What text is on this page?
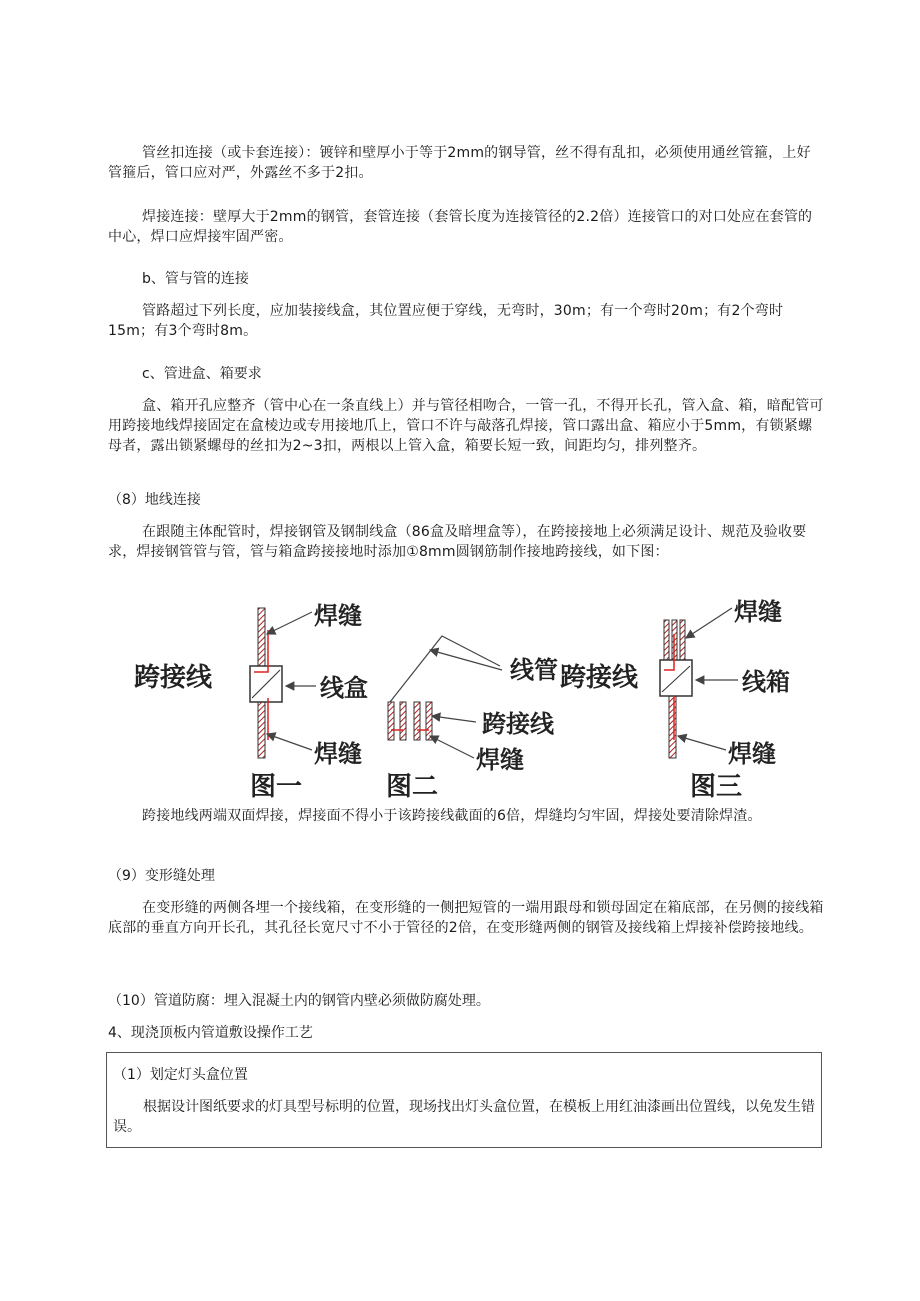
管丝扣连接（或卡套连接）：镀锌和壁厚小于等于2mm的钢导管，丝不得有乱扣，必须使用通丝管箍，上好管箍后，管口应对严，外露丝不多于2扣。

焊接连接：壁厚大于2mm的钢管，套管连接（套管长度为连接管径的2.2倍）连接管口的对口处应在套管的中心，焊口应焊接牢固严密。

b、管与管的连接

管路超过下列长度，应加装接线盒，其位置应便于穿线，无弯时，30m；有一个弯时20m；有2个弯时15m；有3个弯时8m。

c、管进盒、箱要求

盒、箱开孔应整齐（管中心在一条直线上）并与管径相吻合，一管一孔，不得开长孔，管入盒、箱，暗配管可用跨接地线焊接固定在盒棱边或专用接地爪上，管口不许与敲落孔焊接，管口露出盒、箱应小于5mm，有锁紧螺母者，露出锁紧螺母的丝扣为2~3扣，两根以上管入盒，箱要长短一致，间距均匀，排列整齐。

（8）地线连接

在跟随主体配管时，焊接钢管及钢制线盒（86盒及暗埋盒等），在跨接接地上必须满足设计、规范及验收要求，焊接钢管管与管，管与箱盒跨接接地时添加①8mm圆钢筋制作接地跨接线，如下图：

跨接线
焊缝
线盒
焊缝
图一
线管
跨接线
焊缝
图二
跨接线
焊缝
线箱
焊缝
图三

跨接地线两端双面焊接，焊接面不得小于该跨接线截面的6倍，焊缝均匀牢固，焊接处要清除焊渣。

（9）变形缝处理

在变形缝的两侧各埋一个接线箱，在变形缝的一侧把短管的一端用跟母和锁母固定在箱底部，在另侧的接线箱底部的垂直方向开长孔，其孔径长宽尺寸不小于管径的2倍，在变形缝两侧的钢管及接线箱上焊接补偿跨接地线。

（10）管道防腐：埋入混凝土内的钢管内壁必须做防腐处理。

4、现浇顶板内管道敷设操作工艺

（1）划定灯头盒位置

根据设计图纸要求的灯具型号标明的位置，现场找出灯头盒位置，在模板上用红油漆画出位置线，以免发生错误。
